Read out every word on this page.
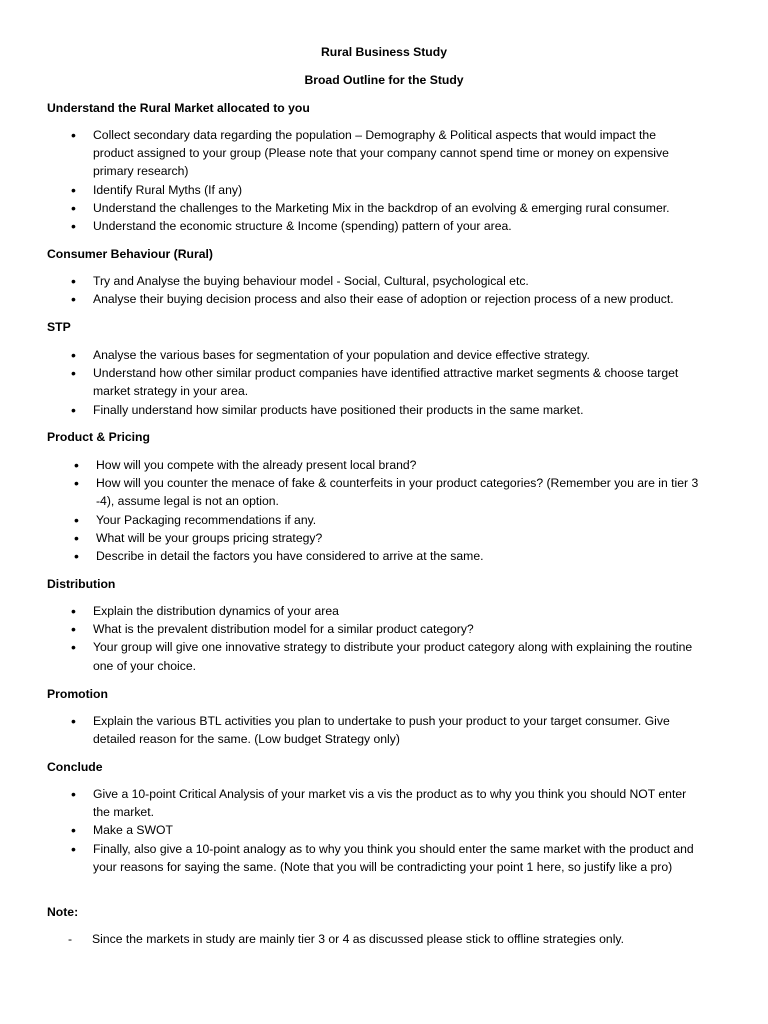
Rural Business Study
Broad Outline for the Study
Understand the Rural Market allocated to you
• Collect secondary data regarding the population – Demography & Political aspects that would impact the product assigned to your group (Please note that your company cannot spend time or money on expensive primary research)
• Identify Rural Myths (If any)
• Understand the challenges to the Marketing Mix in the backdrop of an evolving & emerging rural consumer.
• Understand the economic structure & Income (spending) pattern of your area.
Consumer Behaviour (Rural)
• Try and Analyse the buying behaviour model - Social, Cultural, psychological etc.
• Analyse their buying decision process and also their ease of adoption or rejection process of a new product.
STP
• Analyse the various bases for segmentation of your population and device effective strategy.
• Understand how other similar product companies have identified attractive market segments & choose target market strategy in your area.
• Finally understand how similar products have positioned their products in the same market.
Product & Pricing
• How will you compete with the already present local brand?
• How will you counter the menace of fake & counterfeits in your product categories? (Remember you are in tier 3 -4), assume legal is not an option.
• Your Packaging recommendations if any.
• What will be your groups pricing strategy?
• Describe in detail the factors you have considered to arrive at the same.
Distribution
• Explain the distribution dynamics of your area
• What is the prevalent distribution model for a similar product category?
• Your group will give one innovative strategy to distribute your product category along with explaining the routine one of your choice.
Promotion
• Explain the various BTL activities you plan to undertake to push your product to your target consumer. Give detailed reason for the same. (Low budget Strategy only)
Conclude
• Give a 10-point Critical Analysis of your market vis a vis the product as to why you think you should NOT enter the market.
• Make a SWOT
• Finally, also give a 10-point analogy as to why you think you should enter the same market with the product and your reasons for saying the same. (Note that you will be contradicting your point 1 here, so justify like a pro)
Note:
- Since the markets in study are mainly tier 3 or 4 as discussed please stick to offline strategies only.
